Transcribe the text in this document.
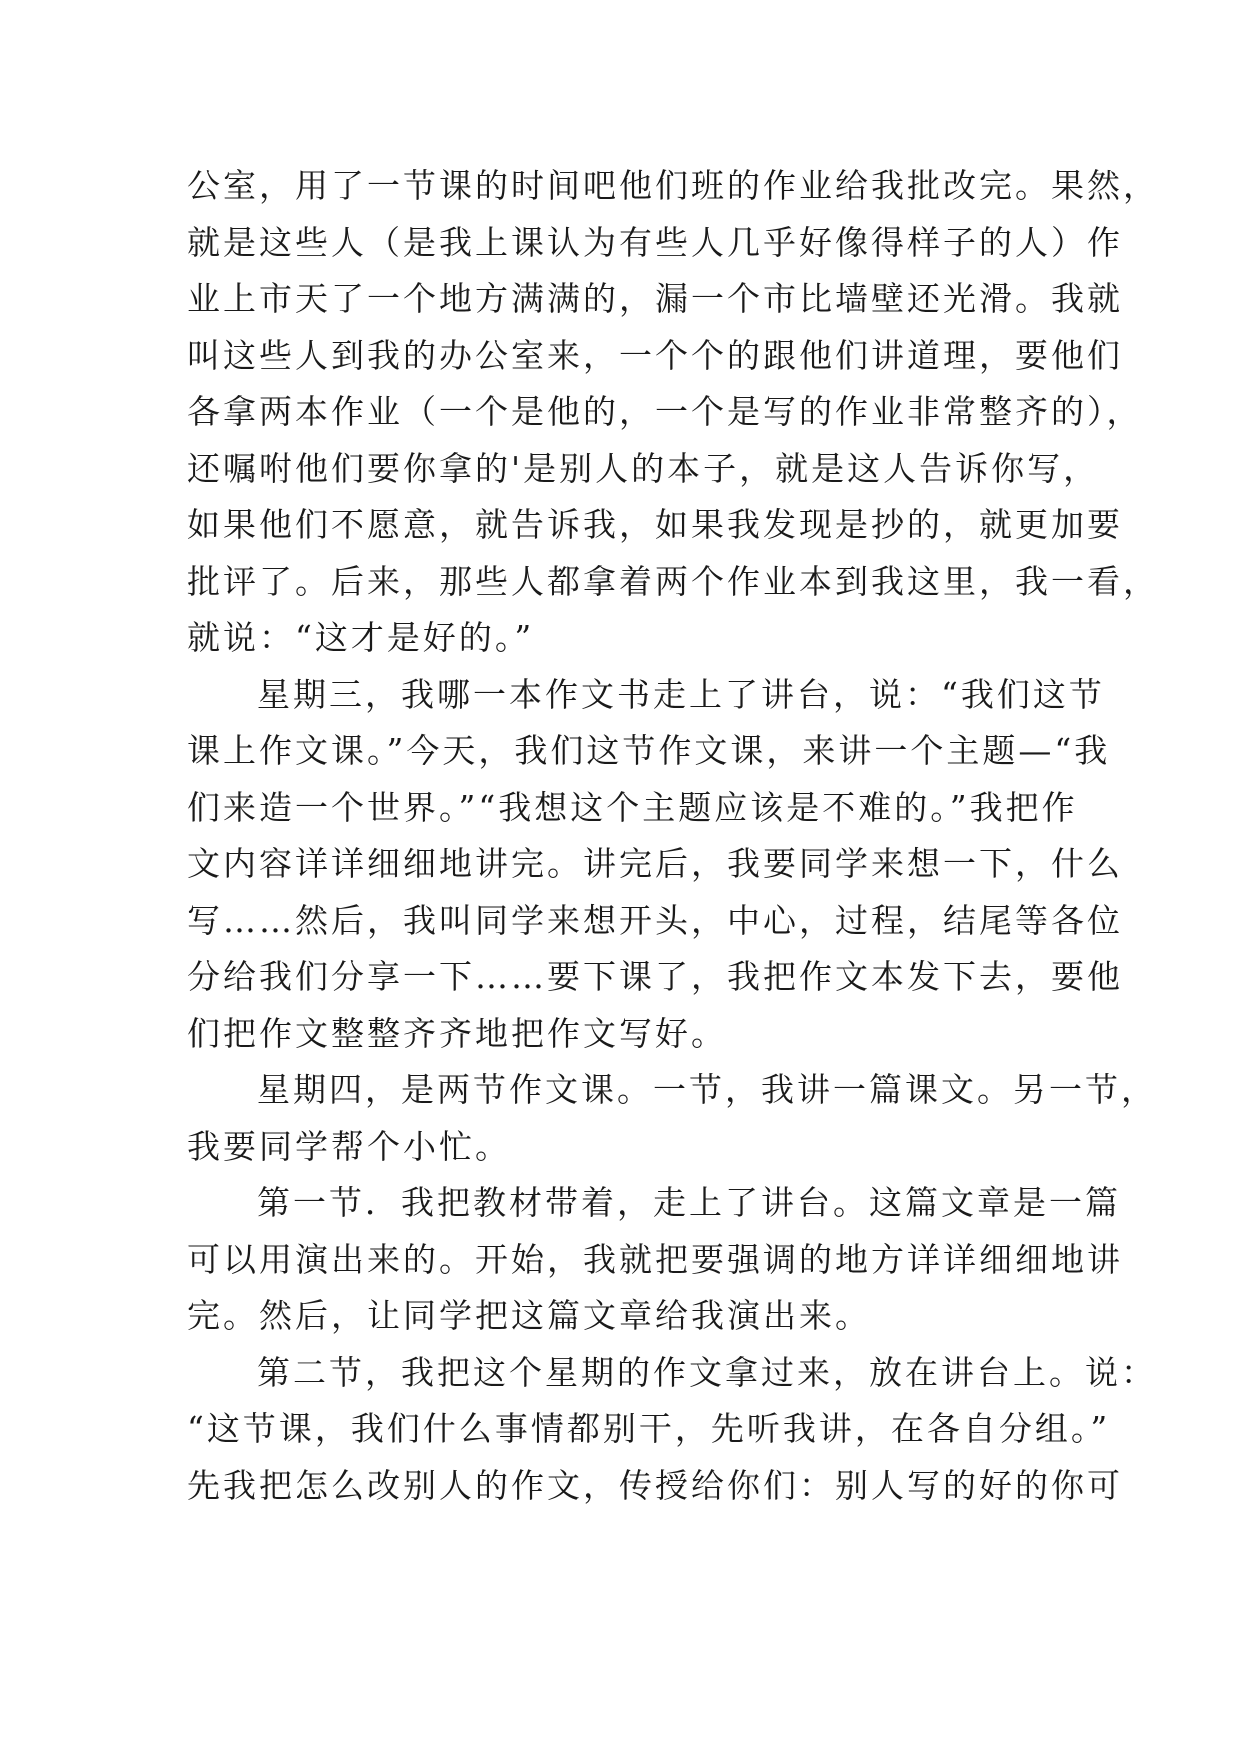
公室，用了一节课的时间吧他们班的作业给我批改完。果然，
就是这些人（是我上课认为有些人几乎好像得样子的人）作
业上市天了一个地方满满的，漏一个市比墙壁还光滑。我就
叫这些人到我的办公室来，一个个的跟他们讲道理，要他们
各拿两本作业（一个是他的，一个是写的作业非常整齐的），
还嘱咐他们要你拿的'是别人的本子，就是这人告诉你写，
如果他们不愿意，就告诉我，如果我发现是抄的，就更加要
批评了。后来，那些人都拿着两个作业本到我这里，我一看，
就说：“这才是好的。”
星期三，我哪一本作文书走上了讲台，说：“我们这节
课上作文课。”今天，我们这节作文课，来讲一个主题—“我
们来造一个世界。”“我想这个主题应该是不难的。”我把作
文内容详详细细地讲完。讲完后，我要同学来想一下，什么
写……然后，我叫同学来想开头，中心，过程，结尾等各位
分给我们分享一下……要下课了，我把作文本发下去，要他
们把作文整整齐齐地把作文写好。
星期四，是两节作文课。一节，我讲一篇课文。另一节，
我要同学帮个小忙。
第一节．我把教材带着，走上了讲台。这篇文章是一篇
可以用演出来的。开始，我就把要强调的地方详详细细地讲
完。然后，让同学把这篇文章给我演出来。
第二节，我把这个星期的作文拿过来，放在讲台上。说：
“这节课，我们什么事情都别干，先听我讲，在各自分组。”
先我把怎么改别人的作文，传授给你们：别人写的好的你可
